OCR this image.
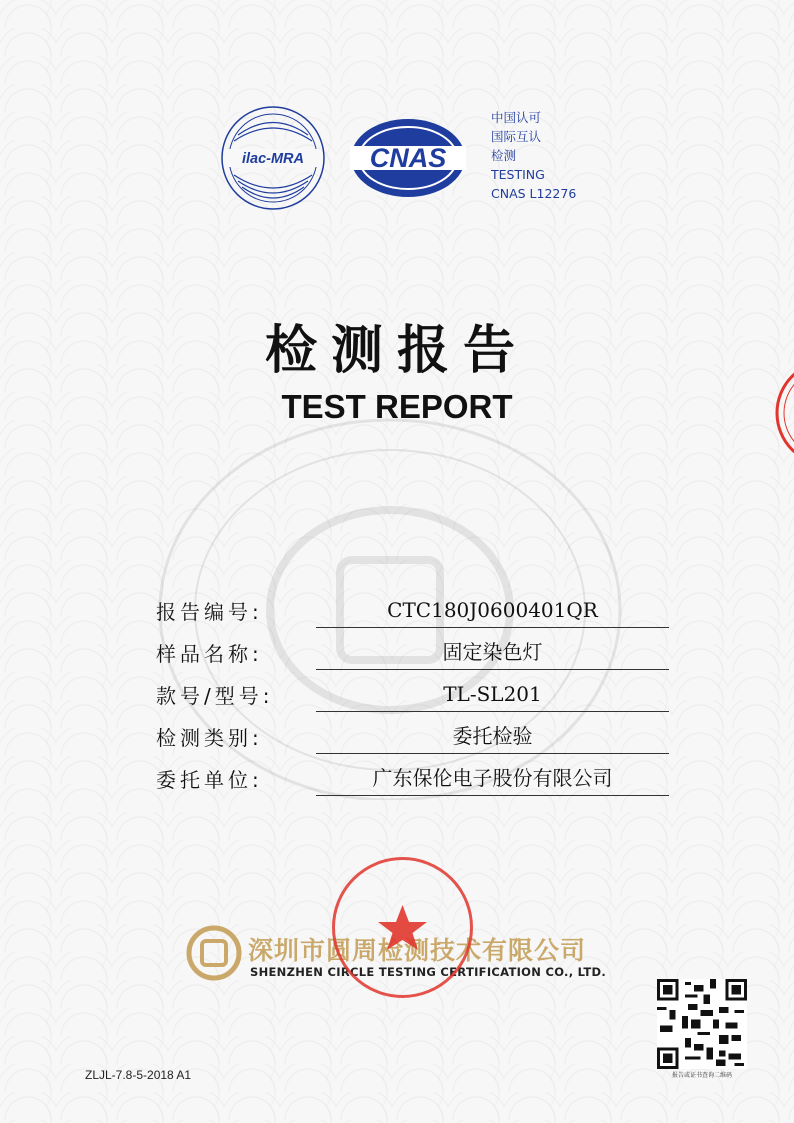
ilac-MRA CNAS
中国认可
国际互认
检测
TESTING
CNAS L12276
检测报告
TEST REPORT
报告编号:	CTC180J0600401QR
样品名称:	固定染色灯
款号/型号:	TL-SL201
检测类别:	委托检验
委托单位:	广东保伦电子股份有限公司
深圳市圆周检测技术有限公司
SHENZHEN CIRCLE TESTING CERTIFICATION CO., LTD.
报告或证书查询二维码
ZLJL-7.8-5-2018 A1
